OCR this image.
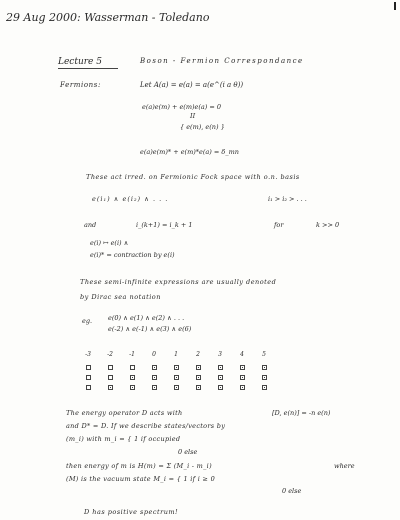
29 Aug 2000: Wasserman - Toledano
Lecture 5	Boson - Fermion Correspondance
Fermions:	Let A(a) = e(a) = a(e^(i a θ))
e(a)e(m) + e(m)e(a) = 0
II
{ e(m), e(n) }
e(a)e(m)* + e(m)*e(a) = δ_mn
These act irred. on Fermionic Fock space with o.n. basis
e(i₁) ∧ e(i₂) ∧ . . .	i₁ > i₂ > . . .
and	i_(k+1) = i_k + 1	for	k >> 0
e(i) ↦ e(i) ∧
e(i)* = contraction by e(i)
These semi-infinite expressions are usually denoted
by Dirac sea notation
eg. e(0) ∧ e(1) ∧ e(2) ∧ . . .
e(-2) ∧ e(-1) ∧ e(3) ∧ e(6)
-3	-2	-1	0	1	2	3	4	5
The energy operator D acts with	[D, e(n)] = -n e(n)
and D* = D. If we describe states/vectors by
(m_i) with m_i = { 1 if occupied
0 else
then energy of m is H(m) = Σ (M_i - m_i)	where
(M) is the vacuum state M_i = { 1 if i ≥ 0
0 else
D has positive spectrum!
